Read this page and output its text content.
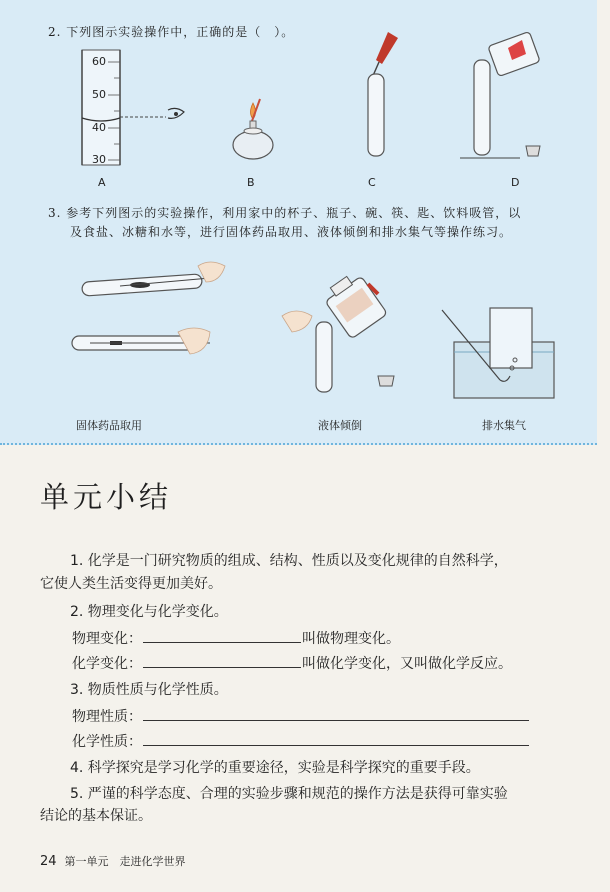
2. 下列图示实验操作中，正确的是（　）。
60
50
40
30
A	B	C	D
3. 参考下列图示的实验操作，利用家中的杯子、瓶子、碗、筷、匙、饮料吸管，以
及食盐、冰糖和水等，进行固体药品取用、液体倾倒和排水集气等操作练习。
固体药品取用	液体倾倒	排水集气
单元小结
1. 化学是一门研究物质的组成、结构、性质以及变化规律的自然科学，
它使人类生活变得更加美好。
2. 物理变化与化学变化。
物理变化：	叫做物理变化。
化学变化：	叫做化学变化，又叫做化学反应。
3. 物质性质与化学性质。
物理性质：
化学性质：
4. 科学探究是学习化学的重要途径，实验是科学探究的重要手段。
5. 严谨的科学态度、合理的实验步骤和规范的操作方法是获得可靠实验
结论的基本保证。
24 第一单元　走进化学世界
